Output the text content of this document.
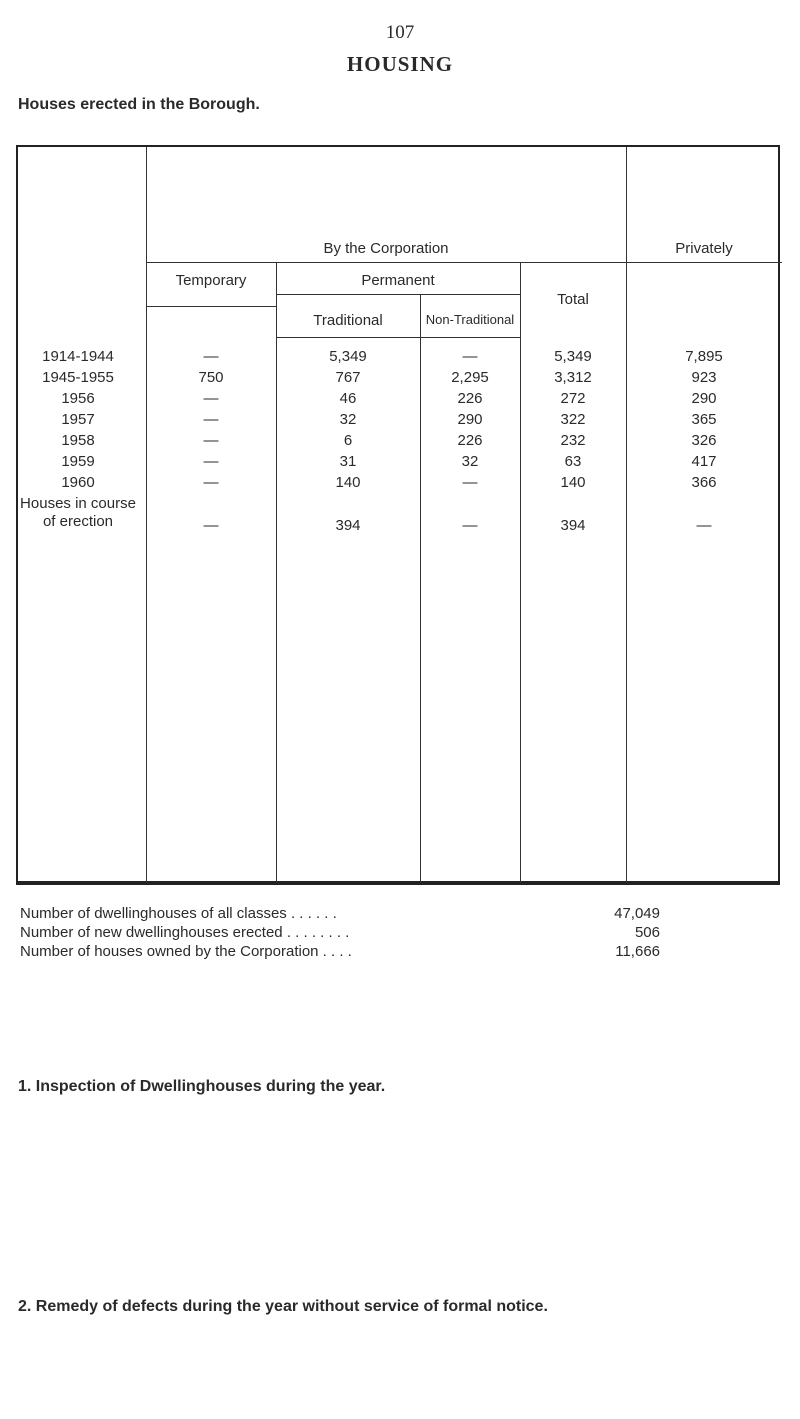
107
HOUSING
Houses erected in the Borough.
By the Corporation	Privately
Temporary	Permanent
Total
Traditional	Non-Traditional
1914-1944	—	5,349	—	5,349	7,895
1945-1955	750	767	2,295	3,312	923
1956	—	46	226	272	290
1957	—	32	290	322	365
1958	—	6	226	232	326
1959	—	31	32	63	417
1960	—	140	—	140	366
Houses in course of erection	—	394	—	394	—
Number of dwellinghouses of all classes . . . . . .	47,049
Number of new dwellinghouses erected . . . . . . . .	506
Number of houses owned by the Corporation . . . .	11,666
1. Inspection of Dwellinghouses during the year.
2. Remedy of defects during the year without service of formal notice.
